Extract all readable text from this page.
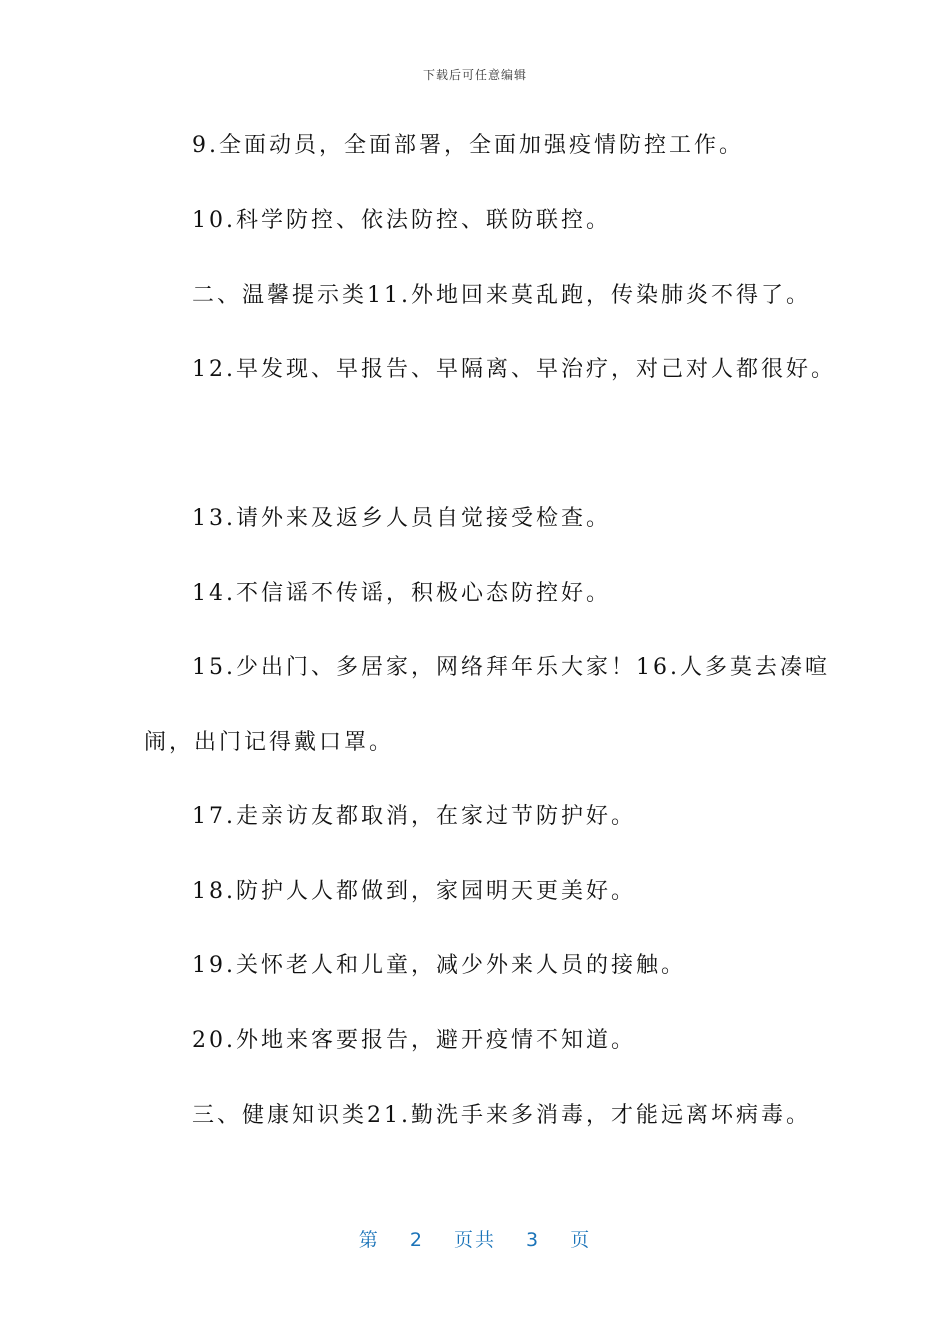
下载后可任意编辑
9.全面动员，全面部署，全面加强疫情防控工作。
10.科学防控、依法防控、联防联控。
二、温馨提示类11.外地回来莫乱跑，传染肺炎不得了。
12.早发现、早报告、早隔离、早治疗，对己对人都很好。
13.请外来及返乡人员自觉接受检查。
14.不信谣不传谣，积极心态防控好。
15.少出门、多居家，网络拜年乐大家！16.人多莫去凑喧
闹，出门记得戴口罩。
17.走亲访友都取消，在家过节防护好。
18.防护人人都做到，家园明天更美好。
19.关怀老人和儿童，减少外来人员的接触。
20.外地来客要报告，避开疫情不知道。
三、健康知识类21.勤洗手来多消毒，才能远离坏病毒。
第 2 页共 3 页
